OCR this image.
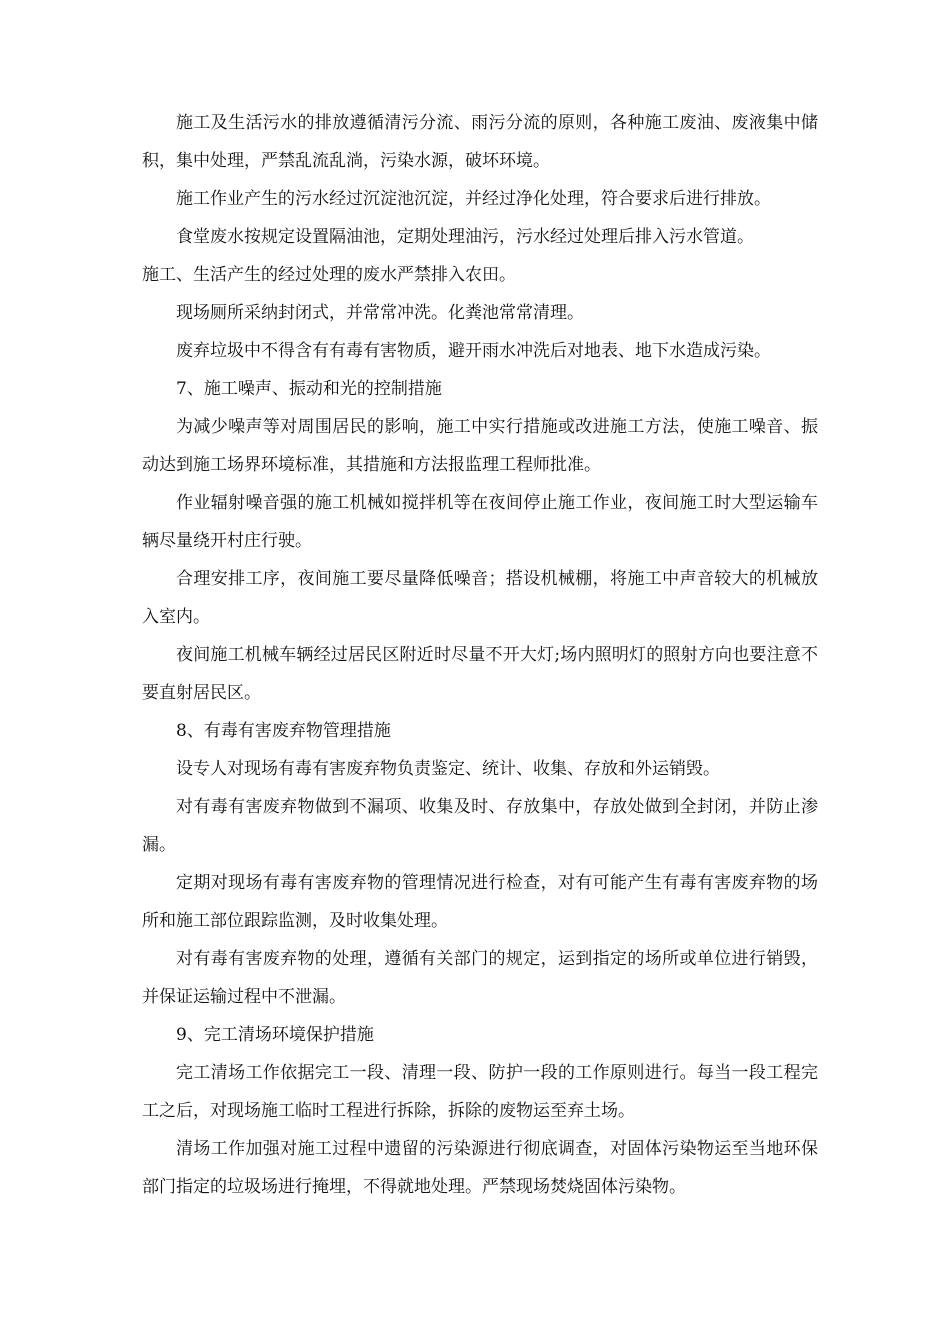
施工及生活污水的排放遵循清污分流、雨污分流的原则，各种施工废油、废液集中储积，集中处理，严禁乱流乱淌，污染水源，破坏环境。

施工作业产生的污水经过沉淀池沉淀，并经过净化处理，符合要求后进行排放。

食堂废水按规定设置隔油池，定期处理油污，污水经过处理后排入污水管道。

施工、生活产生的经过处理的废水严禁排入农田。

现场厕所采纳封闭式，并常常冲洗。化粪池常常清理。

废弃垃圾中不得含有有毒有害物质，避开雨水冲洗后对地表、地下水造成污染。

7、施工噪声、振动和光的控制措施

为减少噪声等对周围居民的影响，施工中实行措施或改进施工方法，使施工噪音、振动达到施工场界环境标准，其措施和方法报监理工程师批准。

作业辐射噪音强的施工机械如搅拌机等在夜间停止施工作业，夜间施工时大型运输车辆尽量绕开村庄行驶。

合理安排工序，夜间施工要尽量降低噪音；搭设机械棚，将施工中声音较大的机械放入室内。

夜间施工机械车辆经过居民区附近时尽量不开大灯;场内照明灯的照射方向也要注意不要直射居民区。

8、有毒有害废弃物管理措施

设专人对现场有毒有害废弃物负责鉴定、统计、收集、存放和外运销毁。

对有毒有害废弃物做到不漏项、收集及时、存放集中，存放处做到全封闭，并防止渗漏。

定期对现场有毒有害废弃物的管理情况进行检查，对有可能产生有毒有害废弃物的场所和施工部位跟踪监测，及时收集处理。

对有毒有害废弃物的处理，遵循有关部门的规定，运到指定的场所或单位进行销毁，并保证运输过程中不泄漏。

9、完工清场环境保护措施

完工清场工作依据完工一段、清理一段、防护一段的工作原则进行。每当一段工程完工之后，对现场施工临时工程进行拆除，拆除的废物运至弃土场。

清场工作加强对施工过程中遗留的污染源进行彻底调查，对固体污染物运至当地环保部门指定的垃圾场进行掩埋，不得就地处理。严禁现场焚烧固体污染物。
